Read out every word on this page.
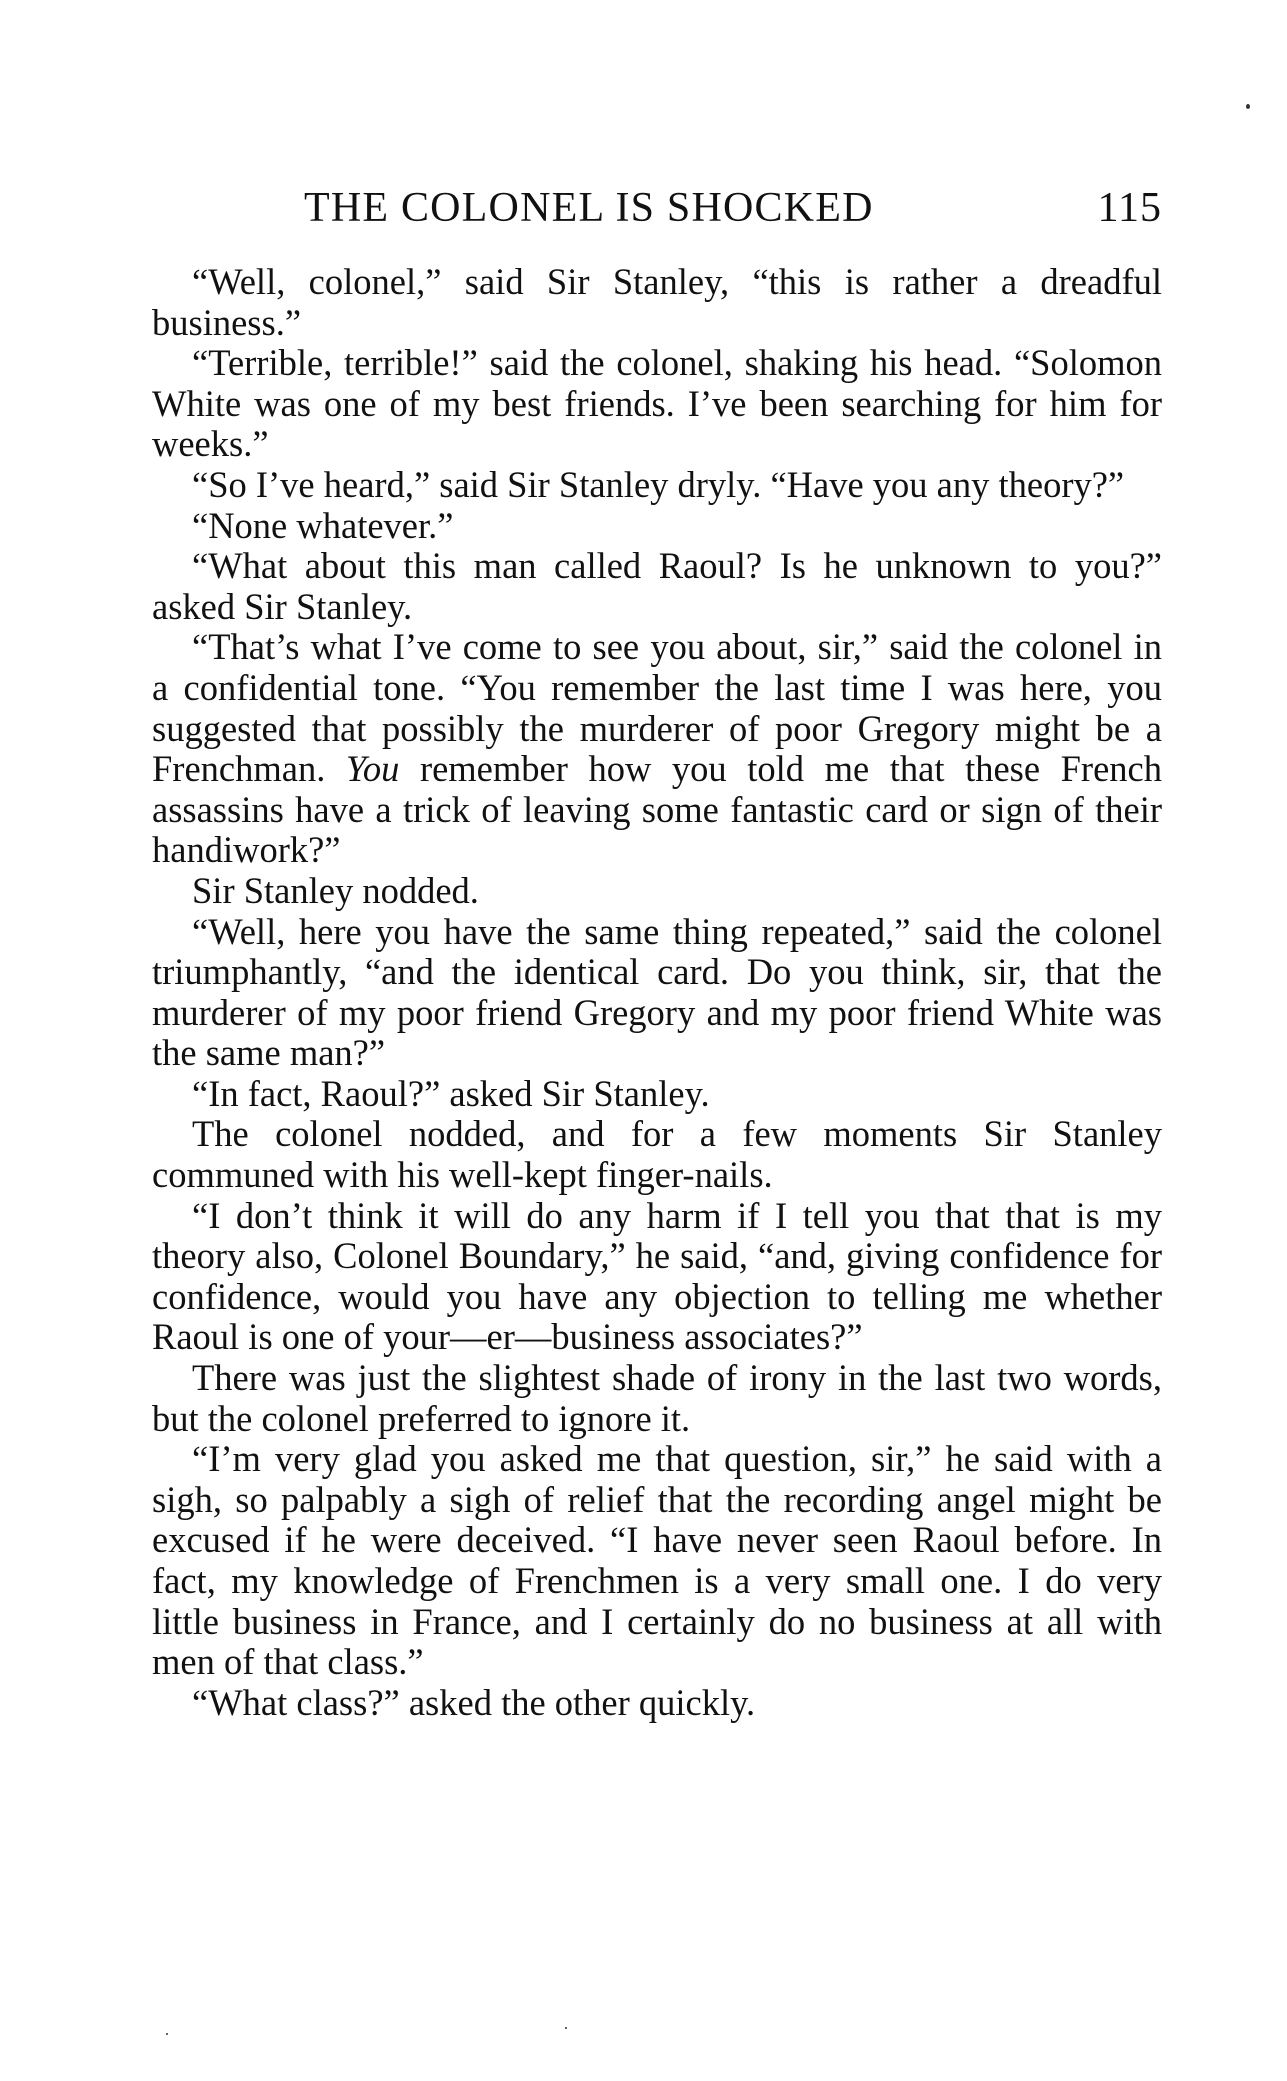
THE COLONEL IS SHOCKED	115

“Well, colonel,” said Sir Stanley, “this is rather a dreadful business.”

“Terrible, terrible!” said the colonel, shaking his head. “Solomon White was one of my best friends. I’ve been searching for him for weeks.”

“So I’ve heard,” said Sir Stanley dryly. “Have you any theory?”

“None whatever.”

“What about this man called Raoul? Is he unknown to you?” asked Sir Stanley.

“That’s what I’ve come to see you about, sir,” said the colonel in a confidential tone. “You remember the last time I was here, you suggested that possibly the murderer of poor Gregory might be a Frenchman. You remember how you told me that these French assassins have a trick of leaving some fantastic card or sign of their handiwork?”

Sir Stanley nodded.

“Well, here you have the same thing repeated,” said the colonel triumphantly, “and the identical card. Do you think, sir, that the murderer of my poor friend Gregory and my poor friend White was the same man?”

“In fact, Raoul?” asked Sir Stanley.

The colonel nodded, and for a few moments Sir Stanley communed with his well-kept finger-nails.

“I don’t think it will do any harm if I tell you that that is my theory also, Colonel Boundary,” he said, “and, giving confidence for confidence, would you have any objection to telling me whether Raoul is one of your—er—business associates?”

There was just the slightest shade of irony in the last two words, but the colonel preferred to ignore it.

“I’m very glad you asked me that question, sir,” he said with a sigh, so palpably a sigh of relief that the recording angel might be excused if he were deceived. “I have never seen Raoul before. In fact, my knowledge of Frenchmen is a very small one. I do very little business in France, and I certainly do no business at all with men of that class.”

“What class?” asked the other quickly.
